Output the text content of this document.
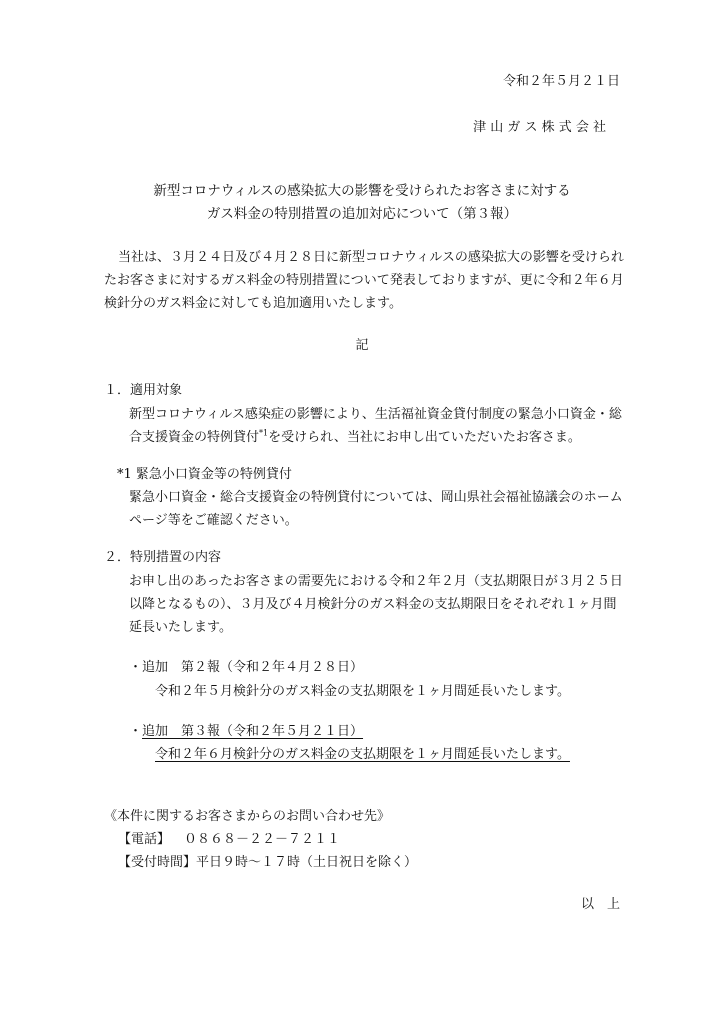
令和２年５月２１日
津 山 ガ ス 株 式 会 社
新型コロナウィルスの感染拡大の影響を受けられたお客さまに対する
ガス料金の特別措置の追加対応について（第３報）
当社は、３月２４日及び４月２８日に新型コロナウィルスの感染拡大の影響を受けられ
たお客さまに対するガス料金の特別措置について発表しておりますが、更に令和２年６月
検針分のガス料金に対しても追加適用いたします。
記
１．適用対象
新型コロナウィルス感染症の影響により、生活福祉資金貸付制度の緊急小口資金・総
合支援資金の特例貸付$^{*1}$を受けられ、当社にお申し出ていただいたお客さま。
*1 緊急小口資金等の特例貸付
緊急小口資金・総合支援資金の特例貸付については、岡山県社会福祉協議会のホーム
ページ等をご確認ください。
２．特別措置の内容
お申し出のあったお客さまの需要先における令和２年２月（支払期限日が３月２５日
以降となるもの）、３月及び４月検針分のガス料金の支払期限日をそれぞれ１ヶ月間
延長いたします。
・追加　第２報（令和２年４月２８日）
令和２年５月検針分のガス料金の支払期限を１ヶ月間延長いたします。
・追加　第３報（令和２年５月２１日）
令和２年６月検針分のガス料金の支払期限を１ヶ月間延長いたします。
《本件に関するお客さまからのお問い合わせ先》
【電話】 ０８６８－２２－７２１１
【受付時間】平日９時～１７時（土日祝日を除く）
以　上
